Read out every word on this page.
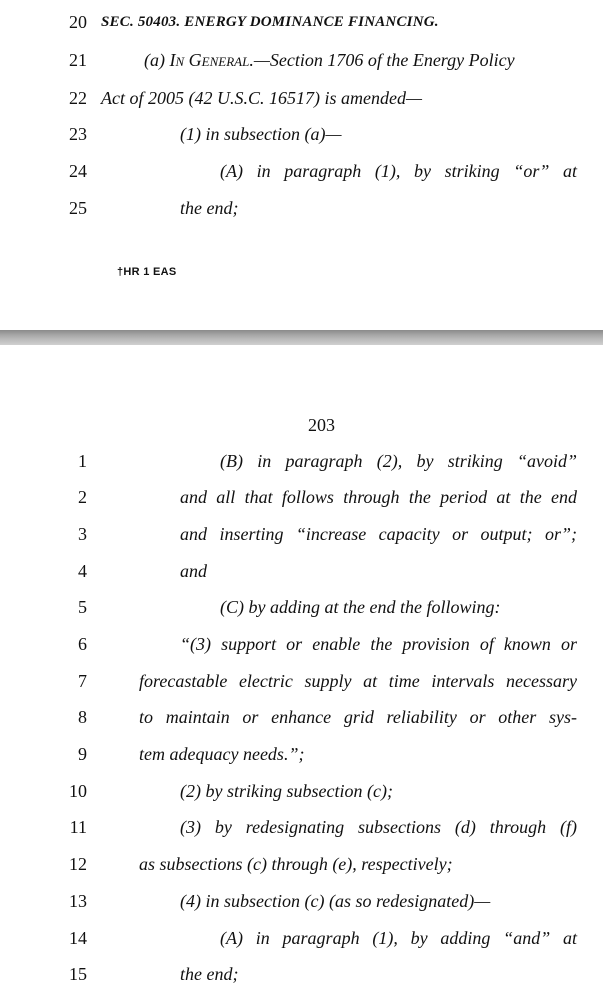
20 SEC. 50403. ENERGY DOMINANCE FINANCING.
21	(a) In General.—Section 1706 of the Energy Policy
22 Act of 2005 (42 U.S.C. 16517) is amended—
23	(1) in subsection (a)—
24	(A) in paragraph (1), by striking “or” at
25	the end;
†HR 1 EAS
203
1	(B) in paragraph (2), by striking “avoid”
2	and all that follows through the period at the end
3	and inserting “increase capacity or output; or”;
4	and
5	(C) by adding at the end the following:
6	“(3) support or enable the provision of known or
7	forecastable electric supply at time intervals necessary
8	to maintain or enhance grid reliability or other sys-
9	tem adequacy needs.”;
10	(2) by striking subsection (c);
11	(3) by redesignating subsections (d) through (f)
12	as subsections (c) through (e), respectively;
13	(4) in subsection (c) (as so redesignated)—
14	(A) in paragraph (1), by adding “and” at
15	the end;
